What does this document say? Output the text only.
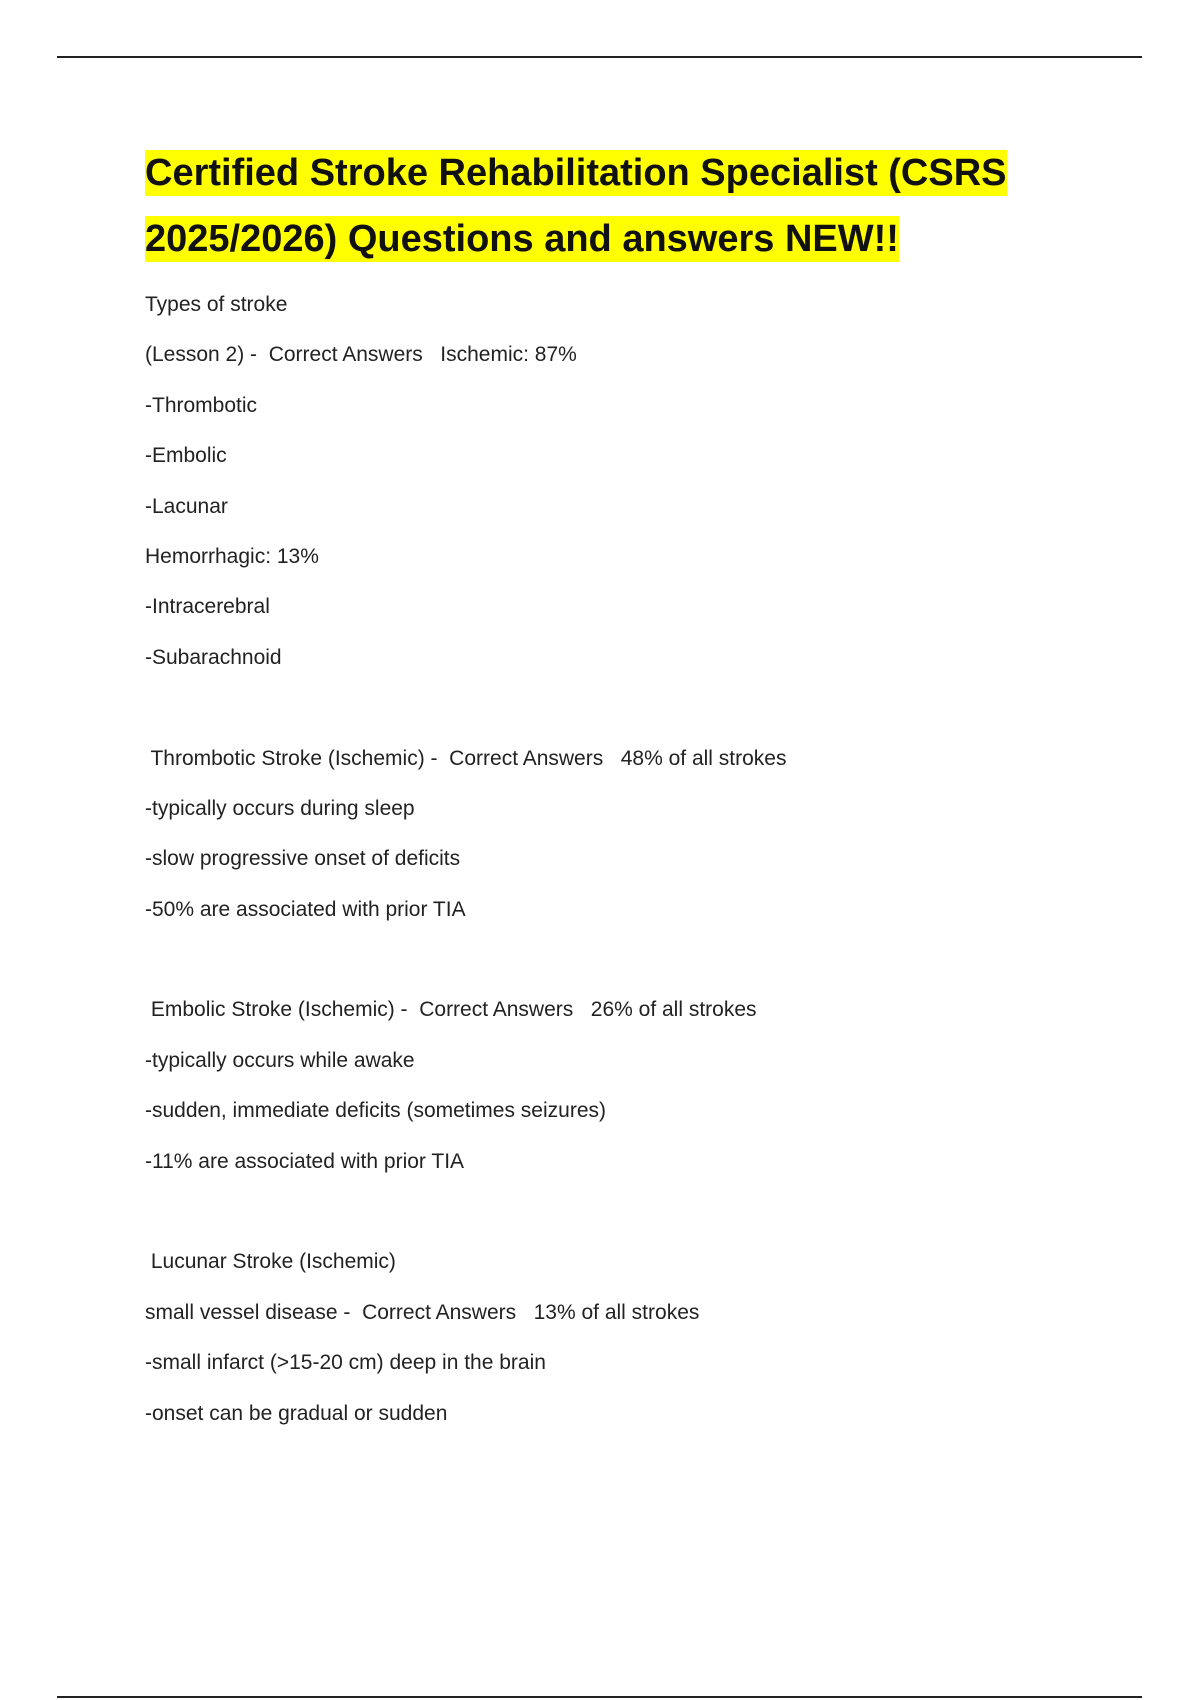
Certified Stroke Rehabilitation Specialist (CSRS 2025/2026) Questions and answers NEW!!
Types of stroke
(Lesson 2) -  Correct Answers   Ischemic: 87%
-Thrombotic
-Embolic
-Lacunar
Hemorrhagic: 13%
-Intracerebral
-Subarachnoid
Thrombotic Stroke (Ischemic) -  Correct Answers   48% of all strokes
-typically occurs during sleep
-slow progressive onset of deficits
-50% are associated with prior TIA
Embolic Stroke (Ischemic) -  Correct Answers   26% of all strokes
-typically occurs while awake
-sudden, immediate deficits (sometimes seizures)
-11% are associated with prior TIA
Lucunar Stroke (Ischemic)
small vessel disease -  Correct Answers   13% of all strokes
-small infarct (>15-20 cm) deep in the brain
-onset can be gradual or sudden
